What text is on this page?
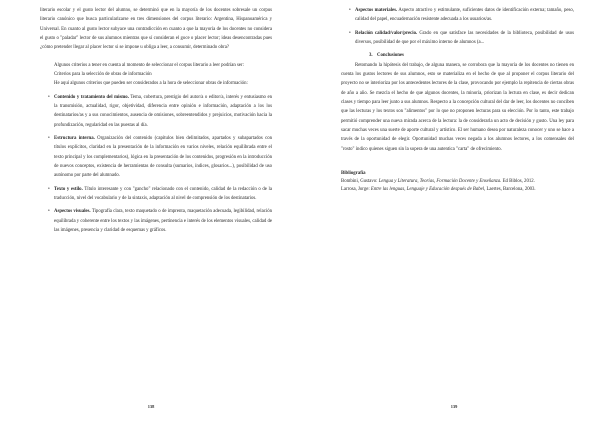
literario escolar y el gusto lector del alumno, se determinó que en la mayoría de los docentes sobresale un corpus literario canónico que busca particularizarse en tres dimensiones del corpus literario: Argentina, Hispanoamérica y Universal. En cuanto al gusto lector subyace una contradicción en cuanto a que la mayoría de los docentes no considera el gusto o "paladar" lector de sus alumnos mientras que sí consideran el goce o placer lector; ideas desencontradas pues ¿cómo pretender llegar al placer lector si se impone u obliga a leer, a consumir, determinado obra?

Algunos criterios a tener en cuenta al momento de seleccionar el corpus literario a leer podrían ser:

Criterios para la selección de obras de información

He aquí algunos criterios que pueden ser considerados a la hora de seleccionar obras de información:

• Contenido y tratamiento del mismo. Tema, cobertura, prestigio del autor/a o editor/a, interés y entusiasmo en la transmisión, actualidad, rigor, objetividad, diferencia entre opinión e información, adaptación a los los destinatarios/as y a sus conocimientos, ausencia de omisiones, sobreentendidos y prejuicios, motivación hacia la profundización, regularidad en las puestas al día.

• Estructura interna. Organización del contenido (capítulos bien delimitados, apartados y subapartados con títulos explícitos, claridad en la presentación de la información en varios niveles, relación equilibrada entre el texto principal y los complementarios), lógica en la presentación de los contenidos, progresión en la introducción de nuevos conceptos, existencia de herramientas de consulta (sumarios, índices, glosarios...), posibilidad de uso autónomo por parte del alumnado.

• Texto y estilo. Título interesante y con "gancho" relacionado con el contenido, calidad de la redacción o de la traducción, nivel del vocabulario y de la sintaxis, adaptación al nivel de comprensión de los destinatarios.

• Aspectos visuales. Tipografía clara, texto maquetado o de imprenta, maquetación adecuada, legibilidad, relación equilibrada y coherente entre los textos y las imágenes, pertinencia e interés de los elementos visuales, calidad de las imágenes, presencia y claridad de esquemas y gráficos.

138

• Aspectos materiales. Aspecto atractivo y estimulante, suficientes datos de identificación externa; tamaño, peso, calidad del papel, encuadernación resistente adecuada a los usuarios/as.

• Relación calidad/valor/precio. Grado en que satisface las necesidades de la biblioteca, posibilidad de usos diversos, posibilidad de que por el máximo interno de alumnos (a...

3. Conclusiones

Retomando la hipótesis del trabajo, de alguna manera, se corrobora que la mayoría de los docentes no tienen en cuenta los gustos lectores de sus alumnos, esto se materializa en el hecho de que al proponer el corpus literario del proyecto no se interioriza por los antecedentes lectores de la clase, provocando por ejemplo la repitencia de ciertas obras de año a año. Se mezcla el hecho de que algunos docentes, la minoría, priorizan la lectura en clase, es decir dedican clases y tiempo para leer junto a sus alumnos. Respecto a la concepción cultural del dar de leer, los docentes no conciben que las lecturas y los textos son "alimentos" por lo que no proponen lecturas para su elección. Por lo tanto, este trabajo permitió comprender una nueva mirada acerca de la lectura: la de considerarla un acto de decisión y gusto. Una ley para sacar muchas veces una suerte de aporte cultural y artístico. El ser humano desea por naturaleza conocer y uno se hace a través de la oportunidad de elegir. Oportunidad muchas veces negada a los alumnos lectores, a los comensales del "rosto" índico quienes siguen sin la sopera de una autentica "carta" de ofrecimiento.

Bibliografía

Bombini, Gustavo: Lengua y Literatura, Teorías, Formación Docente y Enseñanza. Ed Biblos, 2012.

Larrosa, Jorge: Entre las lenguas, Lenguaje y Educación después de Babel, Laertes, Barcelona, 2003.

139
